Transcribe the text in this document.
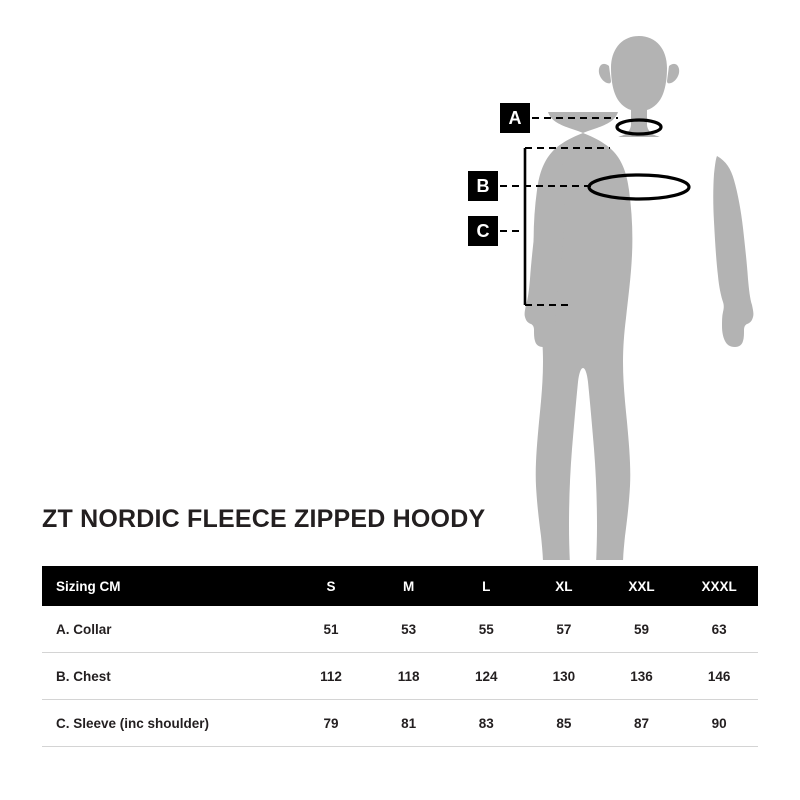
A
B
C
ZT NORDIC FLEECE ZIPPED HOODY
Sizing CM	S	M	L	XL	XXL	XXXL
A. Collar	51	53	55	57	59	63
B. Chest	112	118	124	130	136	146
C. Sleeve (inc shoulder)	79	81	83	85	87	90
